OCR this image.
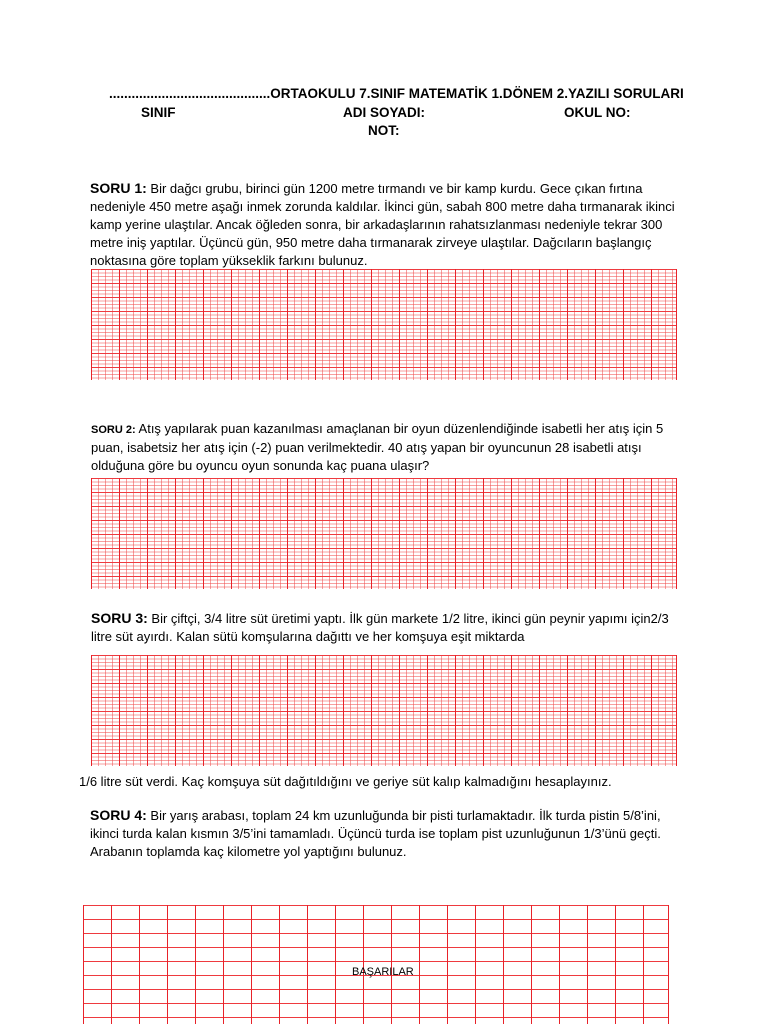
...........................................ORTAOKULU 7.SINIF MATEMATİK 1.DÖNEM 2.YAZILI SORULARI
SINIF	ADI SOYADI:	OKUL NO:
NOT:
SORU 1: Bir dağcı grubu, birinci gün 1200 metre tırmandı ve bir kamp kurdu. Gece çıkan fırtına nedeniyle 450 metre aşağı inmek zorunda kaldılar. İkinci gün, sabah 800 metre daha tırmanarak ikinci kamp yerine ulaştılar. Ancak öğleden sonra, bir arkadaşlarının rahatsızlanması nedeniyle tekrar 300 metre iniş yaptılar. Üçüncü gün, 950 metre daha tırmanarak zirveye ulaştılar. Dağcıların başlangıç noktasına göre toplam yükseklik farkını bulunuz.
SORU 2: Atış yapılarak puan kazanılması amaçlanan bir oyun düzenlendiğinde isabetli her atış için 5 puan, isabetsiz her atış için (-2) puan verilmektedir. 40 atış yapan bir oyuncunun 28 isabetli atışı olduğuna göre bu oyuncu oyun sonunda kaç puana ulaşır?
SORU 3: Bir çiftçi, 3/4 litre süt üretimi yaptı. İlk gün markete 1/2 litre, ikinci gün peynir yapımı için2/3 litre süt ayırdı. Kalan sütü komşularına dağıttı ve her komşuya eşit miktarda
1/6 litre süt verdi. Kaç komşuya süt dağıtıldığını ve geriye süt kalıp kalmadığını hesaplayınız.
SORU 4: Bir yarış arabası, toplam 24 km uzunluğunda bir pisti turlamaktadır. İlk turda pistin 5/8’ini, ikinci turda kalan kısmın 3/5’ini tamamladı. Üçüncü turda ise toplam pist uzunluğunun 1/3’ünü geçti. Arabanın toplamda kaç kilometre yol yaptığını bulunuz.
BAŞARILAR
